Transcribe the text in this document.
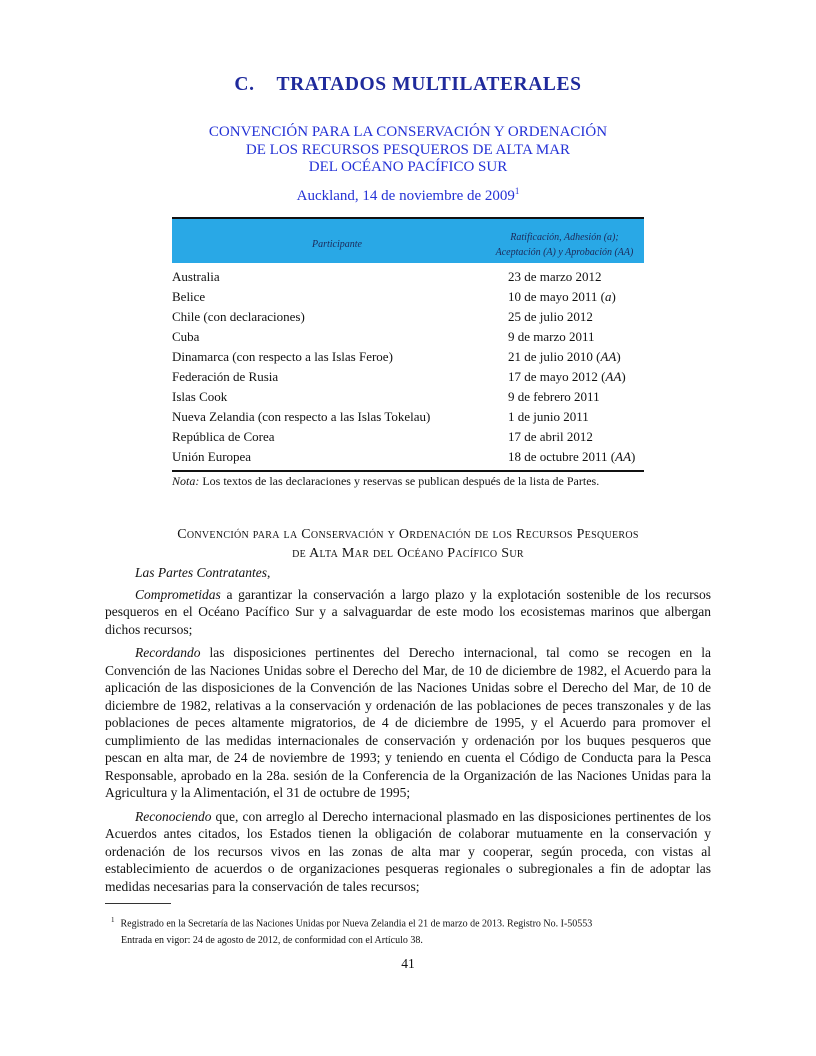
C. TRATADOS MULTILATERALES
CONVENCIÓN PARA LA CONSERVACIÓN Y ORDENACIÓN
DE LOS RECURSOS PESQUEROS DE ALTA MAR
DEL OCÉANO PACÍFICO SUR
Auckland, 14 de noviembre de 2009$^1$
Participante
Ratificación, Adhesión (a);
Aceptación (A) y Aprobación (AA)
Australia	23 de marzo 2012
Belice	10 de mayo 2011 (a)
Chile (con declaraciones)	25 de julio 2012
Cuba	9 de marzo 2011
Dinamarca (con respecto a las Islas Feroe)	21 de julio 2010 (AA)
Federación de Rusia	17 de mayo 2012 (AA)
Islas Cook	9 de febrero 2011
Nueva Zelandia (con respecto a las Islas Tokelau)	1 de junio 2011
República de Corea	17 de abril 2012
Unión Europea	18 de octubre 2011 (AA)
Nota: Los textos de las declaraciones y reservas se publican después de la lista de Partes.
Convención para la Conservación y Ordenación de los Recursos Pesqueros
de Alta Mar del Océano Pacífico Sur

Las Partes Contratantes,

Comprometidas a garantizar la conservación a largo plazo y la explotación sostenible de los recursos pesqueros en el Océano Pacífico Sur y a salvaguardar de este modo los ecosistemas marinos que albergan dichos recursos;

Recordando las disposiciones pertinentes del Derecho internacional, tal como se recogen en la Convención de las Naciones Unidas sobre el Derecho del Mar, de 10 de diciembre de 1982, el Acuerdo para la aplicación de las disposiciones de la Convención de las Naciones Unidas sobre el Derecho del Mar, de 10 de diciembre de 1982, relativas a la conservación y ordenación de las poblaciones de peces transzonales y de las poblaciones de peces altamente migratorios, de 4 de diciembre de 1995, y el Acuerdo para promover el cumplimiento de las medidas internacionales de conservación y ordenación por los buques pesqueros que pescan en alta mar, de 24 de noviembre de 1993; y teniendo en cuenta el Código de Conducta para la Pesca Responsable, aprobado en la 28a. sesión de la Conferencia de la Organización de las Naciones Unidas para la Agricultura y la Alimentación, el 31 de octubre de 1995;

Reconociendo que, con arreglo al Derecho internacional plasmado en las disposiciones pertinentes de los Acuerdos antes citados, los Estados tienen la obligación de colaborar mutuamente en la conservación y ordenación de los recursos vivos en las zonas de alta mar y cooperar, según proceda, con vistas al establecimiento de acuerdos o de organizaciones pesqueras regionales o subregionales a fin de adoptar las medidas necesarias para la conservación de tales recursos;

$^1$ Registrado en la Secretaría de las Naciones Unidas por Nueva Zelandia el 21 de marzo de 2013. Registro No. I-50553
Entrada en vigor: 24 de agosto de 2012, de conformidad con el Artículo 38.
41
